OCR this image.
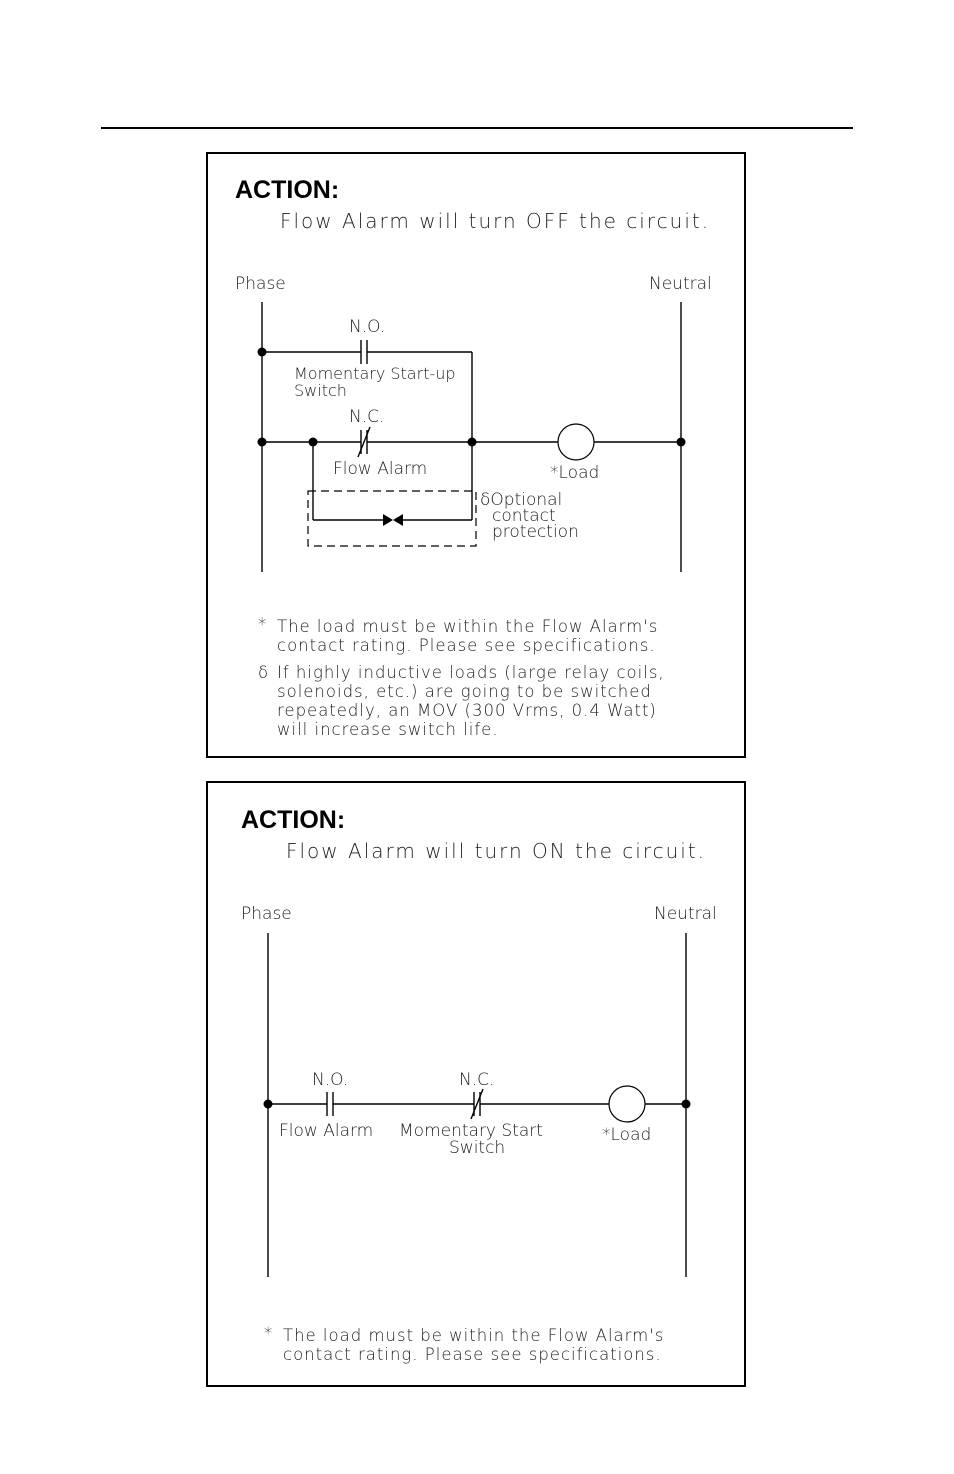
ACTION:
Flow Alarm will turn OFF the circuit.
Phase	Neutral
N.O.
Momentary Start-up
Switch
N.C.
Flow Alarm	*Load
δOptional
contact
protection
* The load must be within the Flow Alarm's
contact rating. Please see specifications.
δ If highly inductive loads (large relay coils,
solenoids, etc.) are going to be switched
repeatedly, an MOV (300 Vrms, 0.4 Watt)
will increase switch life.
ACTION:
Flow Alarm will turn ON the circuit.
Phase	Neutral
N.O.	N.C.
Flow Alarm Momentary Start
Switch
*Load
* The load must be within the Flow Alarm's
contact rating. Please see specifications.
